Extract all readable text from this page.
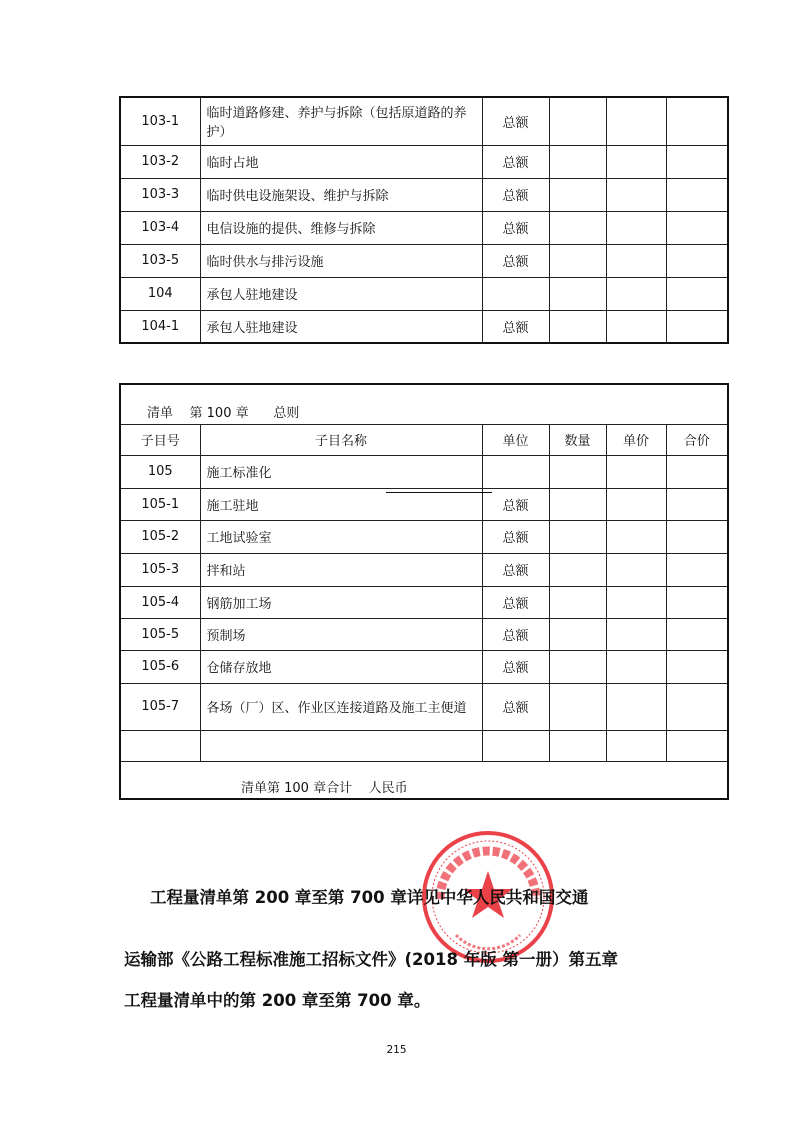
103-1	临时道路修建、养护与拆除（包括原道路的养护）	总额			
103-2	临时占地	总额			
103-3	临时供电设施架设、维护与拆除	总额			
103-4	电信设施的提供、维修与拆除	总额			
103-5	临时供水与排污设施	总额			
104	承包人驻地建设				
104-1	承包人驻地建设	总额			
清单    第 100 章      总则					
子目号	子目名称	单位	数量	单价	合价
105	施工标准化				
105-1	施工驻地	总额			
105-2	工地试验室	总额			
105-3	拌和站	总额			
105-4	钢筋加工场	总额			
105-5	预制场	总额			
105-6	仓储存放地	总额			
105-7	各场（厂）区、作业区连接道路及施工主便道	总额			

清单第 100 章合计    人民币					
工程量清单第 200 章至第 700 章详见中华人民共和国交通
运输部《公路工程标准施工招标文件》(2018 年版 第一册）第五章
工程量清单中的第 200 章至第 700 章。
215
